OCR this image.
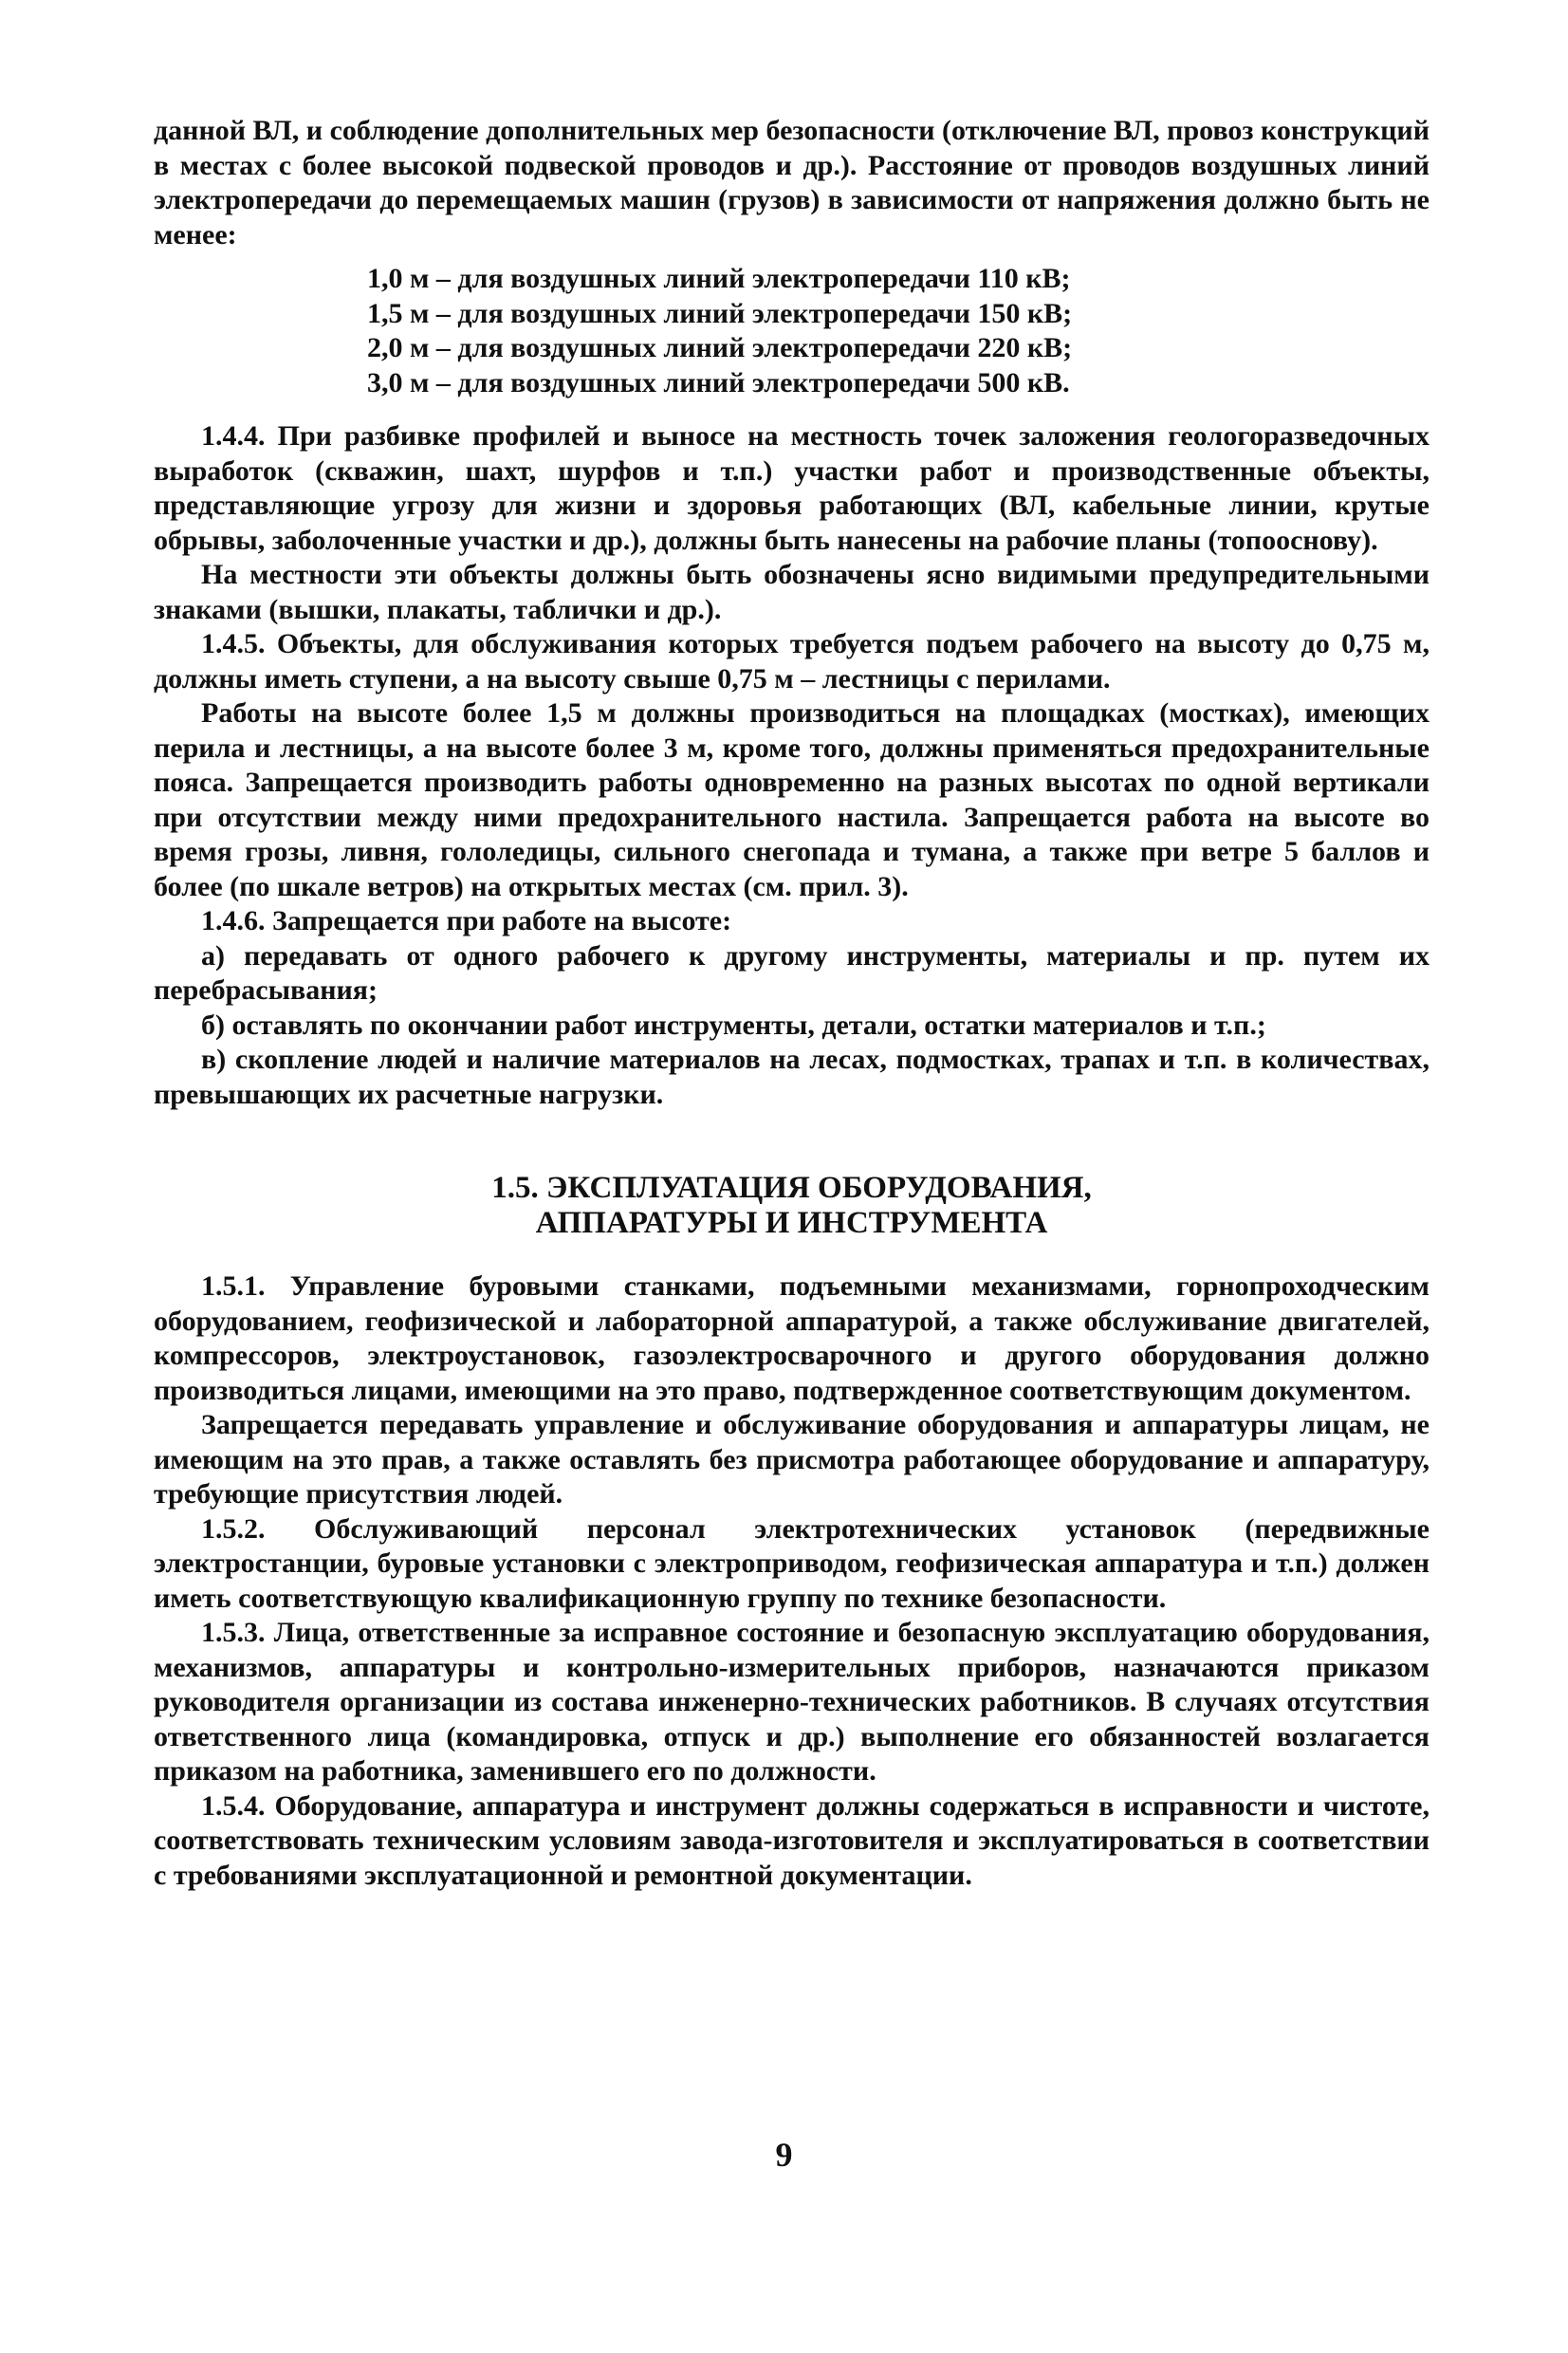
данной ВЛ, и соблюдение дополнительных мер безопасности (отключение ВЛ, провоз конструкций в местах с более высокой подвеской проводов и др.). Расстояние от проводов воздушных линий электропередачи до перемещаемых машин (грузов) в зависимости от напряжения должно быть не менее:

1,0 м – для воздушных линий электропередачи 110 кВ;
1,5 м – для воздушных линий электропередачи 150 кВ;
2,0 м – для воздушных линий электропередачи 220 кВ;
3,0 м – для воздушных линий электропередачи 500 кВ.

1.4.4. При разбивке профилей и выносе на местность точек заложения геологоразведочных выработок (скважин, шахт, шурфов и т.п.) участки работ и производственные объекты, представляющие угрозу для жизни и здоровья работающих (ВЛ, кабельные линии, крутые обрывы, заболоченные участки и др.), должны быть нанесены на рабочие планы (топооснову).

На местности эти объекты должны быть обозначены ясно видимыми предупредительными знаками (вышки, плакаты, таблички и др.).

1.4.5. Объекты, для обслуживания которых требуется подъем рабочего на высоту до 0,75 м, должны иметь ступени, а на высоту свыше 0,75 м – лестницы с перилами.

Работы на высоте более 1,5 м должны производиться на площадках (мостках), имеющих перила и лестницы, а на высоте более 3 м, кроме того, должны применяться предохранительные пояса. Запрещается производить работы одновременно на разных высотах по одной вертикали при отсутствии между ними предохранительного настила. Запрещается работа на высоте во время грозы, ливня, гололедицы, сильного снегопада и тумана, а также при ветре 5 баллов и более (по шкале ветров) на открытых местах (см. прил. 3).

1.4.6. Запрещается при работе на высоте:

а) передавать от одного рабочего к другому инструменты, материалы и пр. путем их перебрасывания;

б) оставлять по окончании работ инструменты, детали, остатки материалов и т.п.;

в) скопление людей и наличие материалов на лесах, подмостках, трапах и т.п. в количествах, превышающих их расчетные нагрузки.

1.5. ЭКСПЛУАТАЦИЯ ОБОРУДОВАНИЯ,
АППАРАТУРЫ И ИНСТРУМЕНТА

1.5.1. Управление буровыми станками, подъемными механизмами, горнопроходческим оборудованием, геофизической и лабораторной аппаратурой, а также обслуживание двигателей, компрессоров, электроустановок, газоэлектросварочного и другого оборудования должно производиться лицами, имеющими на это право, подтвержденное соответствующим документом.

Запрещается передавать управление и обслуживание оборудования и аппаратуры лицам, не имеющим на это прав, а также оставлять без присмотра работающее оборудование и аппаратуру, требующие присутствия людей.

1.5.2. Обслуживающий персонал электротехнических установок (передвижные электростанции, буровые установки с электроприводом, геофизическая аппаратура и т.п.) должен иметь соответствующую квалификационную группу по технике безопасности.

1.5.3. Лица, ответственные за исправное состояние и безопасную эксплуатацию оборудования, механизмов, аппаратуры и контрольно-измерительных приборов, назначаются приказом руководителя организации из состава инженерно-технических работников. В случаях отсутствия ответственного лица (командировка, отпуск и др.) выполнение его обязанностей возлагается приказом на работника, заменившего его по должности.

1.5.4. Оборудование, аппаратура и инструмент должны содержаться в исправности и чистоте, соответствовать техническим условиям завода-изготовителя и эксплуатироваться в соответствии с требованиями эксплуатационной и ремонтной документации.

9
